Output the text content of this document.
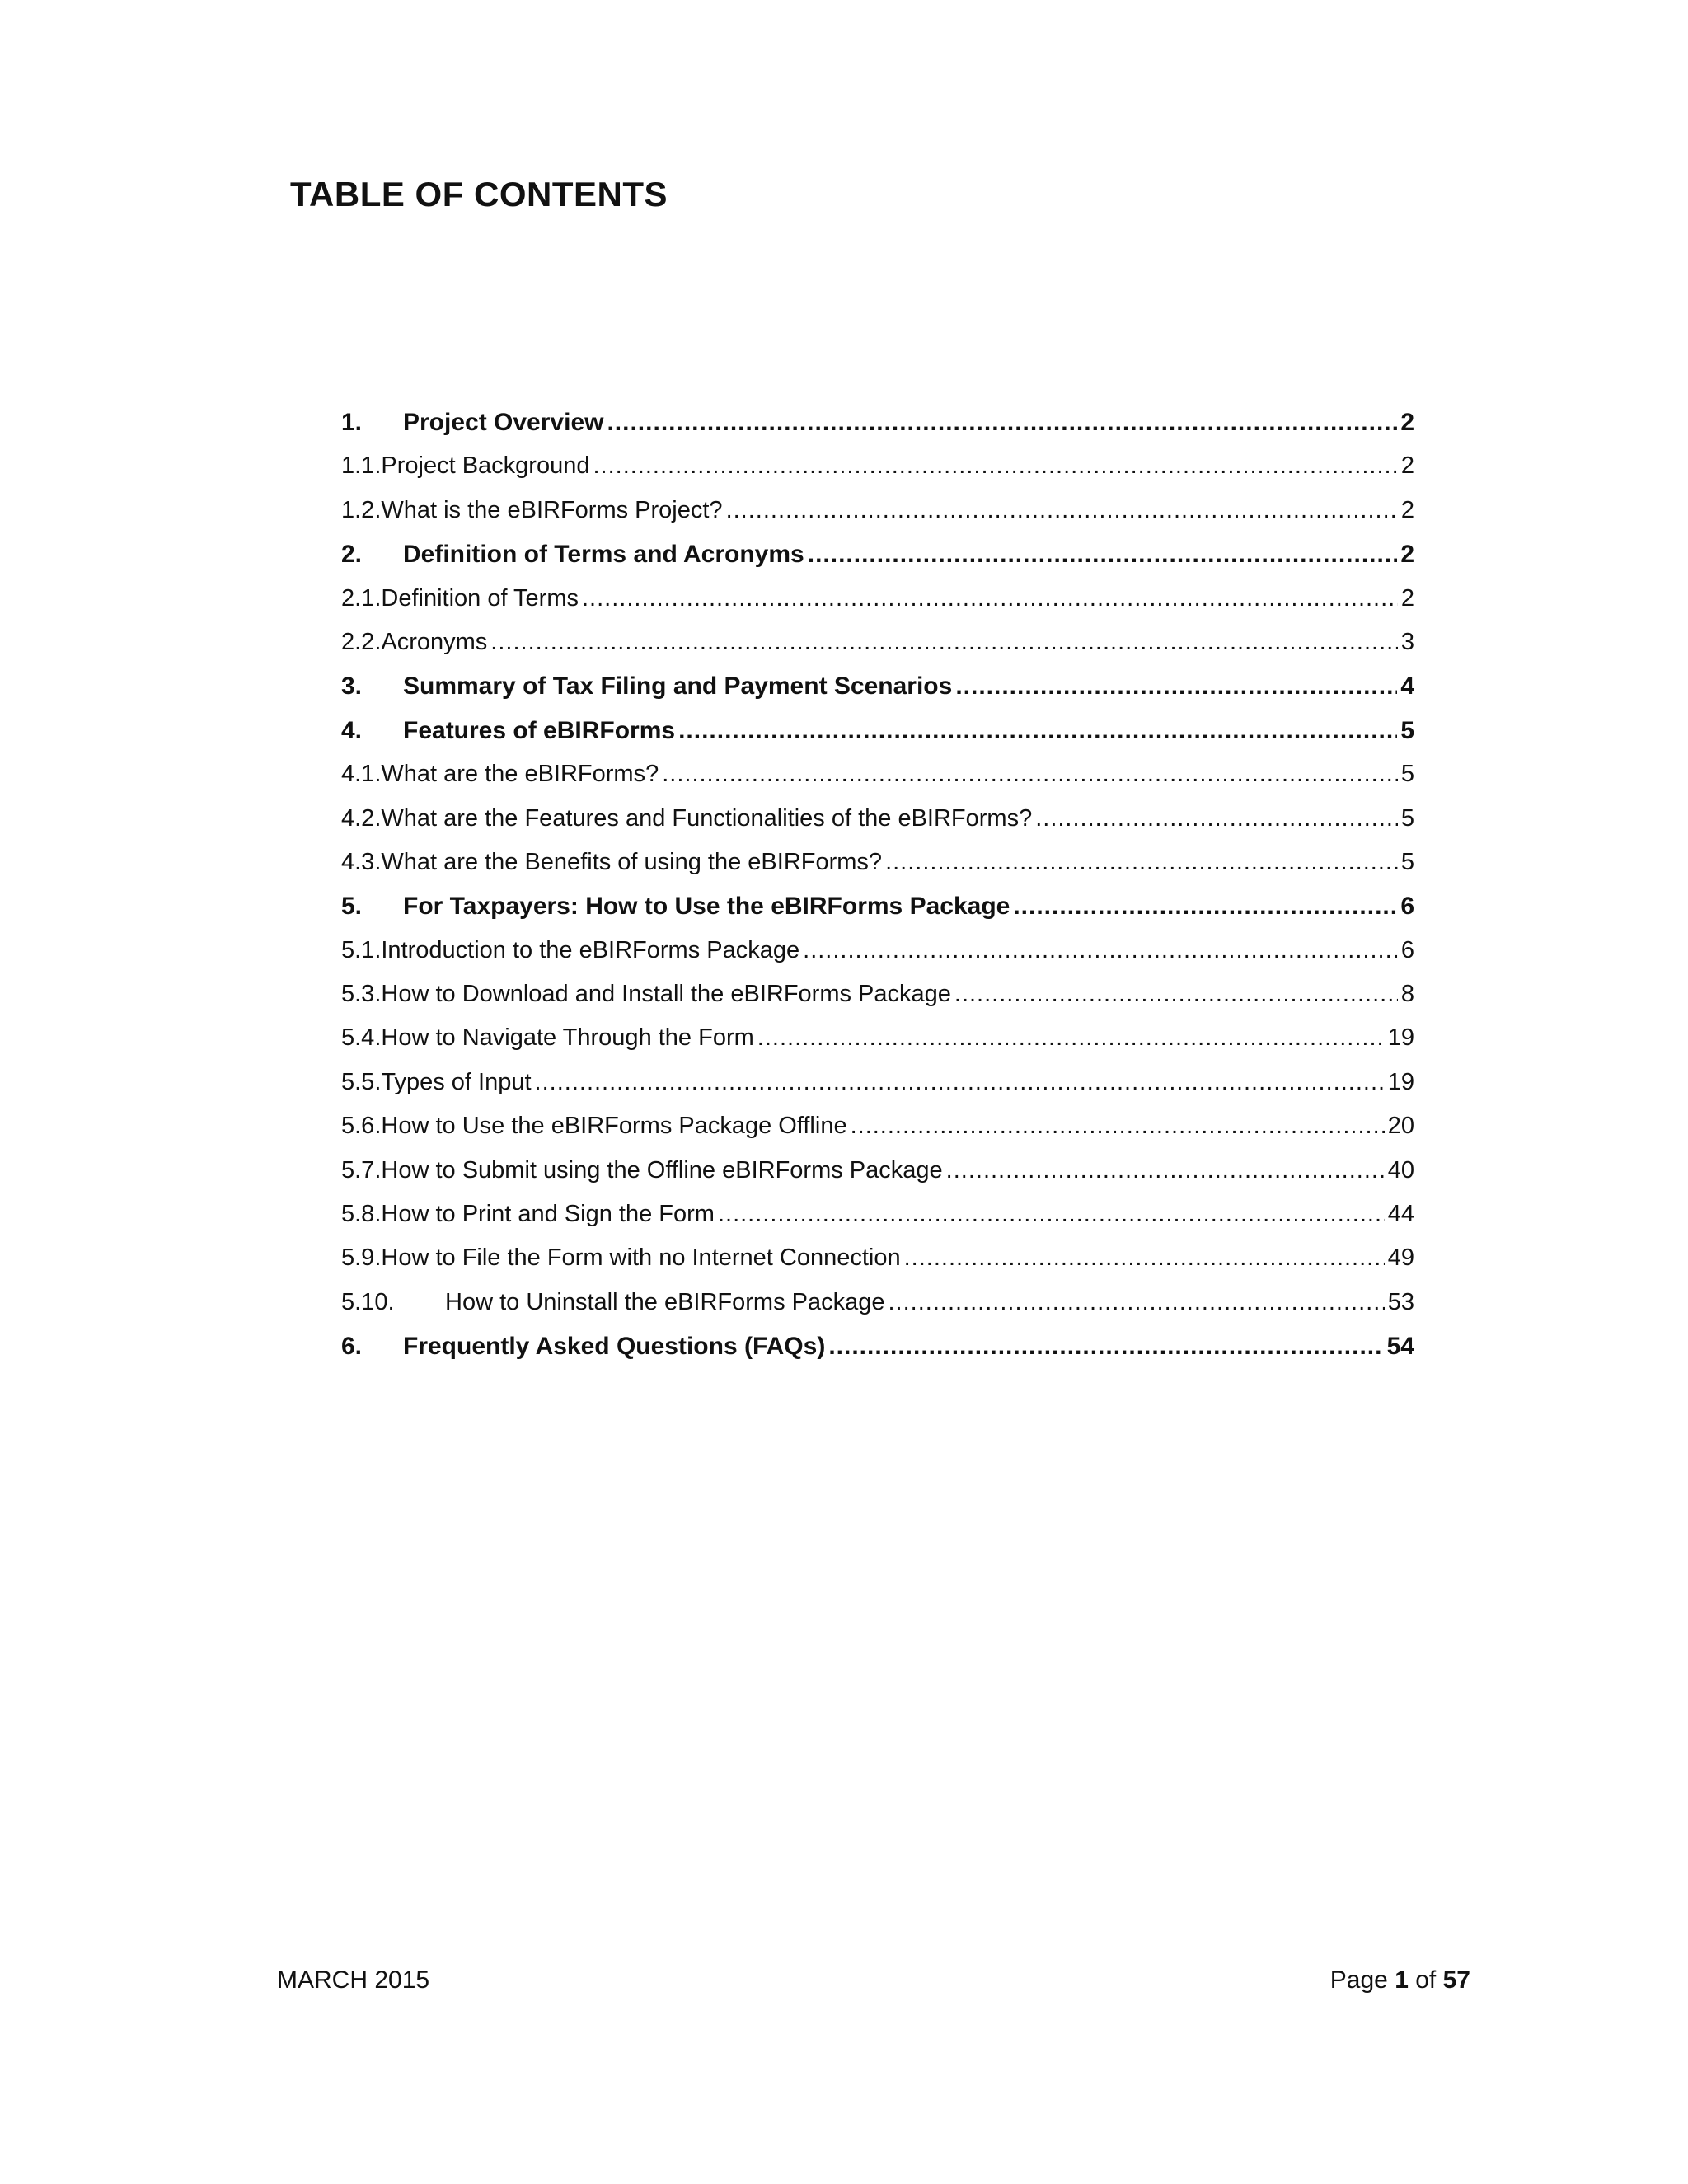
TABLE OF CONTENTS
1.	Project Overview .....	2
1.1. Project Background .....	2
1.2. What is the eBIRForms Project? .....	2
2.	Definition of Terms and Acronyms .....	2
2.1. Definition of Terms .....	2
2.2. Acronyms .....	3
3.	Summary of Tax Filing and Payment Scenarios .....	4
4.	Features of eBIRForms .....	5
4.1. What are the eBIRForms? .....	5
4.2. What are the Features and Functionalities of the eBIRForms? .....	5
4.3. What are the Benefits of using the eBIRForms? .....	5
5.	For Taxpayers: How to Use the eBIRForms Package .....	6
5.1. Introduction to the eBIRForms Package .....	6
5.3. How to Download and Install the eBIRForms Package .....	8
5.4. How to Navigate Through the Form .....	19
5.5. Types of Input .....	19
5.6. How to Use the eBIRForms Package Offline .....	20
5.7. How to Submit using the Offline eBIRForms Package .....	40
5.8. How to Print and Sign the Form .....	44
5.9. How to File the Form with no Internet Connection .....	49
5.10.	How to Uninstall the eBIRForms Package .....	53
6.	Frequently Asked Questions (FAQs) .....	54
MARCH 2015	Page 1 of 57
